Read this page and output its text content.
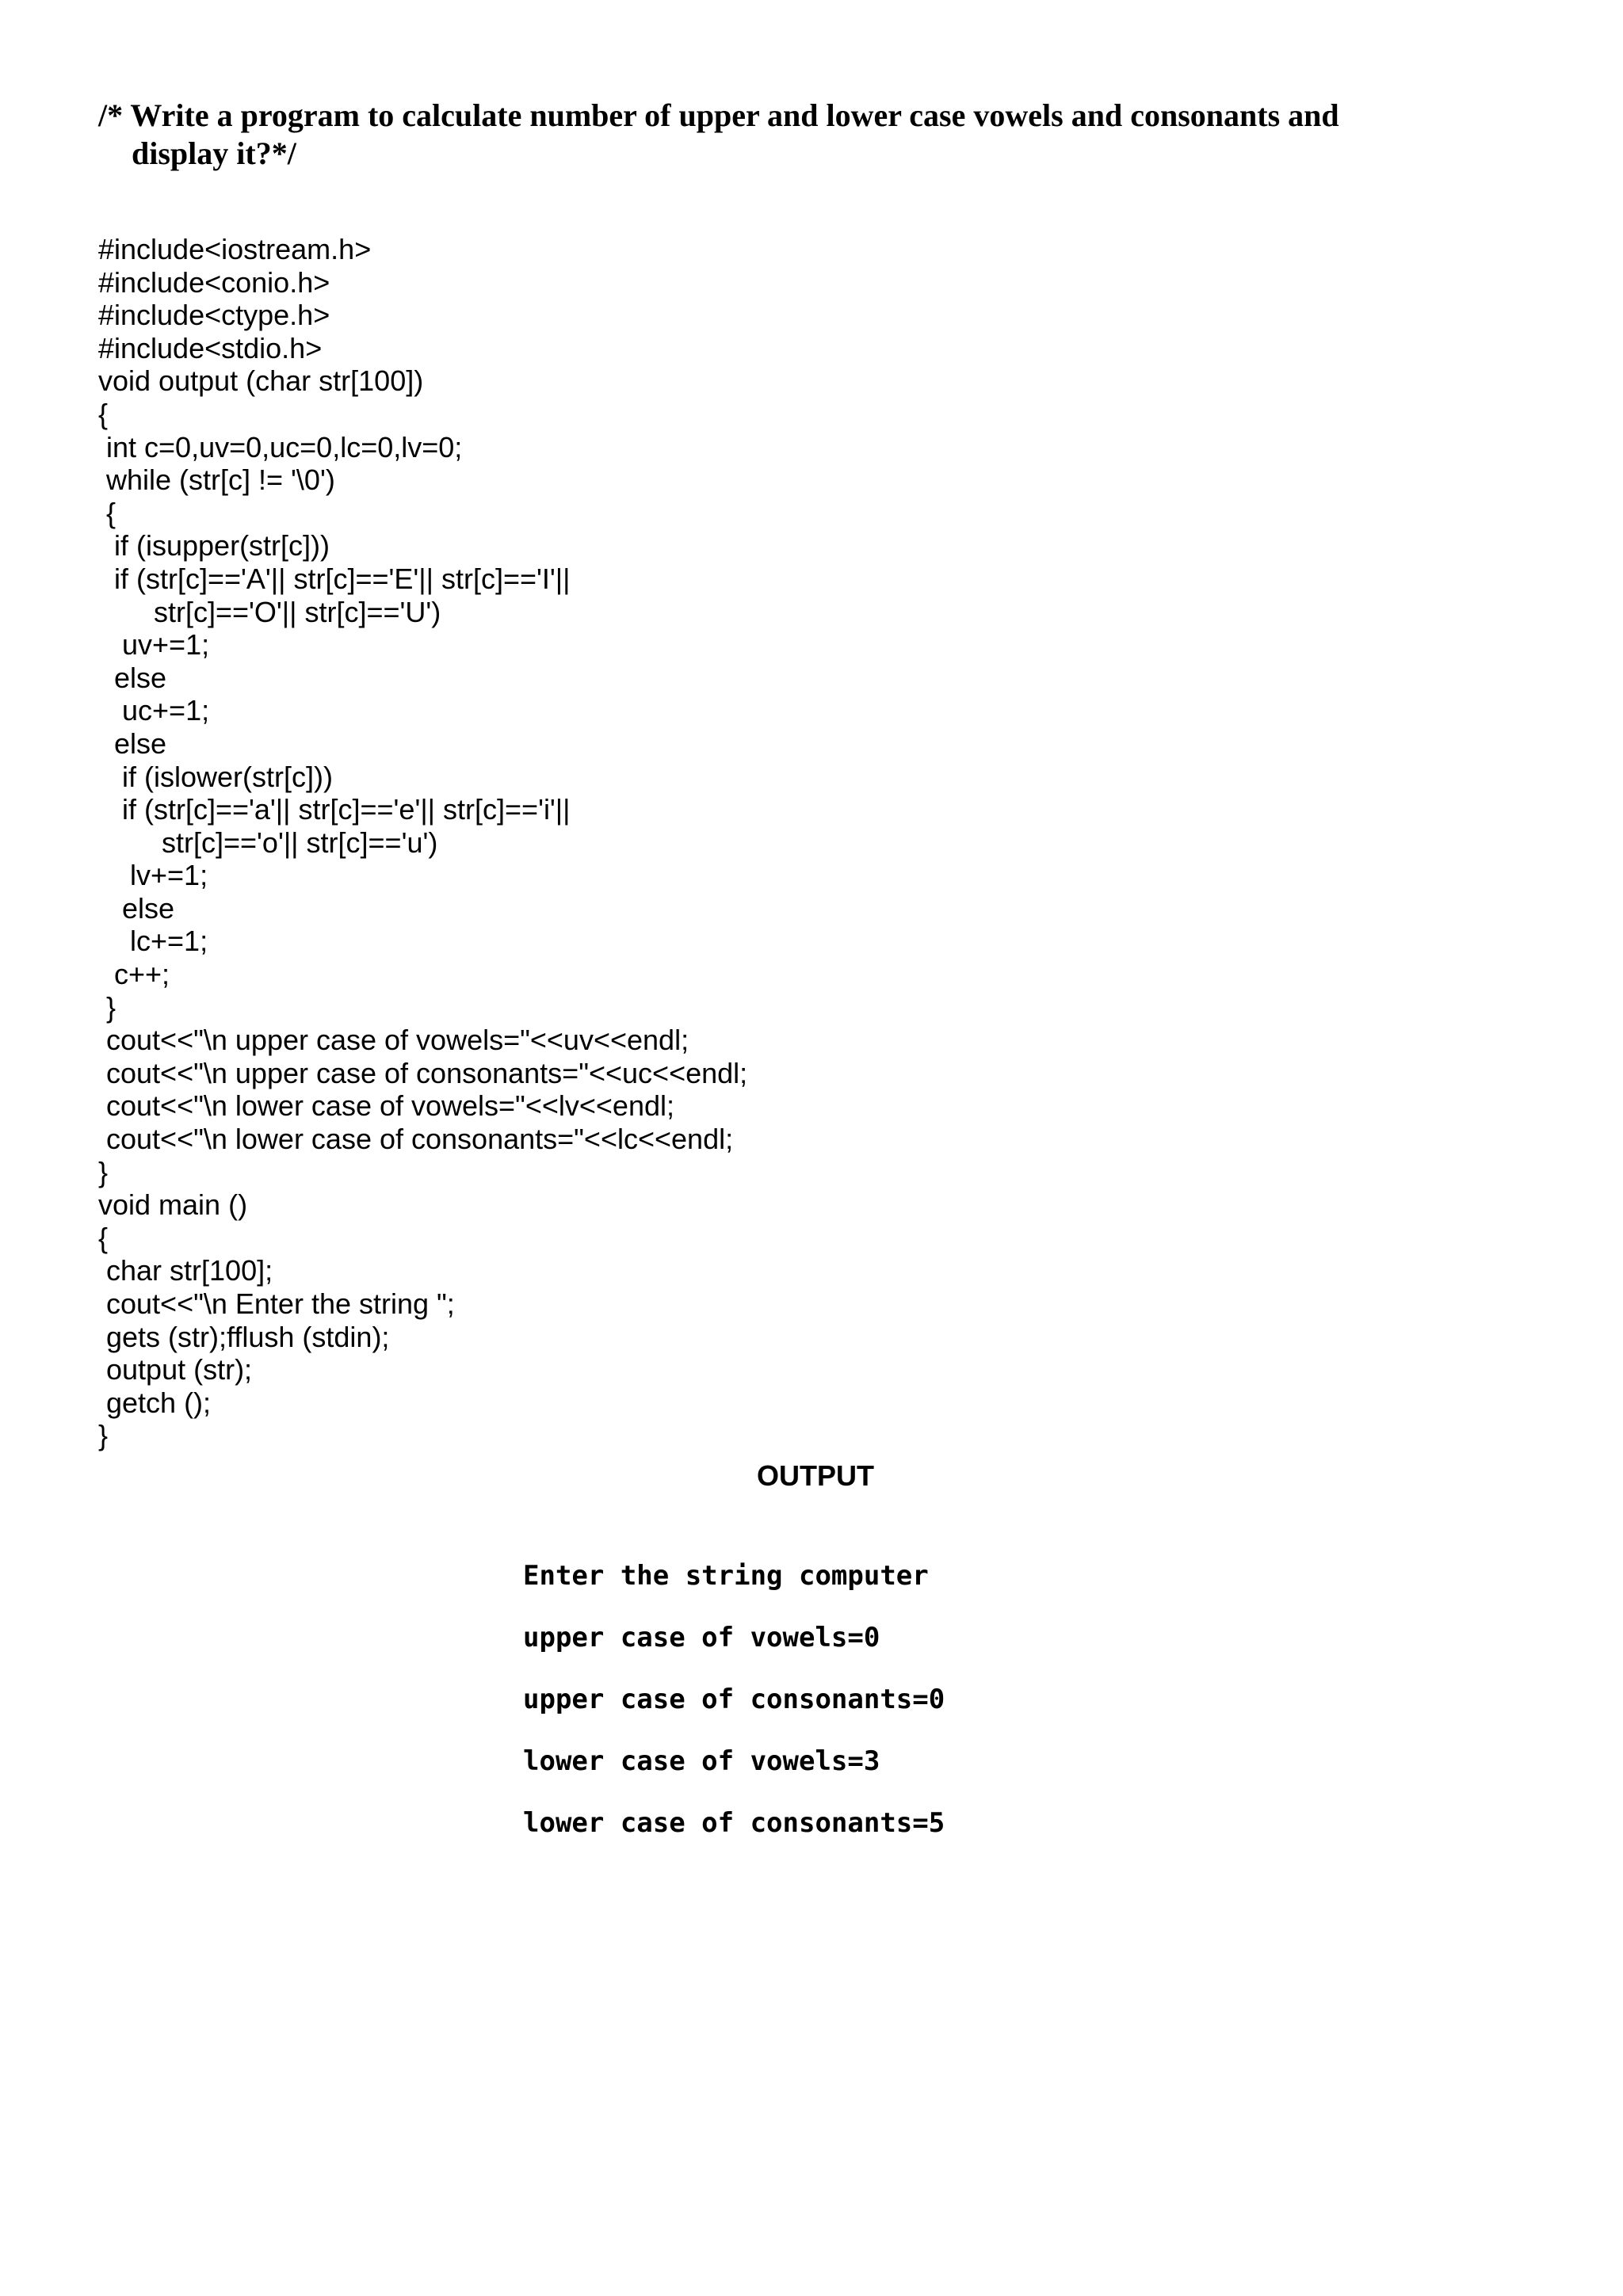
/* Write a program to calculate number of upper and lower case vowels and consonants and
display it?*/
#include<iostream.h>
#include<conio.h>
#include<ctype.h>
#include<stdio.h>
void output (char str[100])
{
int c=0,uv=0,uc=0,lc=0,lv=0;
while (str[c] != '\0')
{
if (isupper(str[c]))
if (str[c]=='A'|| str[c]=='E'|| str[c]=='I'||
str[c]=='O'|| str[c]=='U')
uv+=1;
else
uc+=1;
else
if (islower(str[c]))
if (str[c]=='a'|| str[c]=='e'|| str[c]=='i'||
str[c]=='o'|| str[c]=='u')
lv+=1;
else
lc+=1;
c++;
}
cout<<"\n upper case of vowels="<<uv<<endl;
cout<<"\n upper case of consonants="<<uc<<endl;
cout<<"\n lower case of vowels="<<lv<<endl;
cout<<"\n lower case of consonants="<<lc<<endl;
}
void main ()
{
char str[100];
cout<<"\n Enter the string ";
gets (str);fflush (stdin);
output (str);
getch ();
}
OUTPUT
Enter the string computer
upper case of vowels=0
upper case of consonants=0
lower case of vowels=3
lower case of consonants=5
